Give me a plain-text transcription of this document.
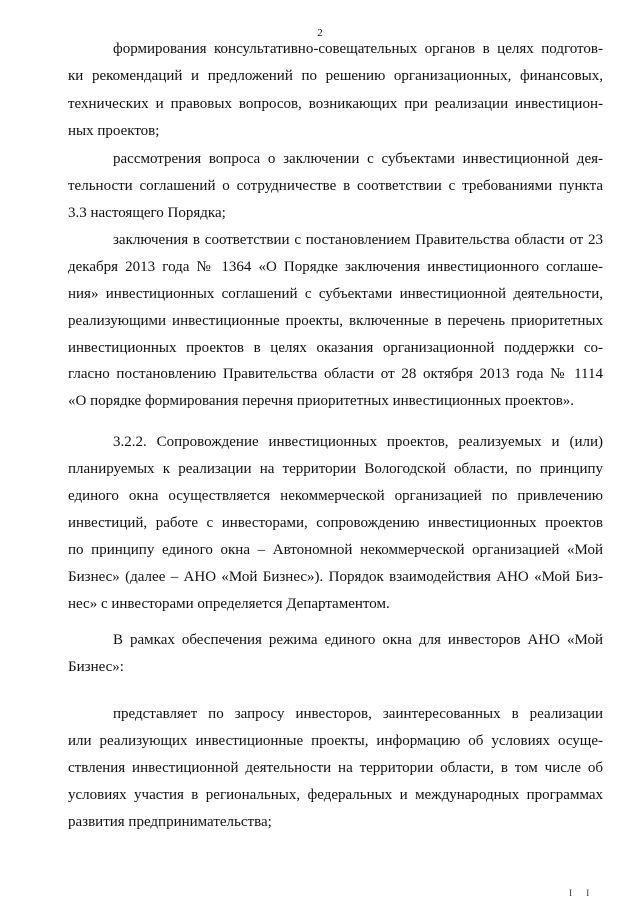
2
формирования консультативно-совещательных органов в целях подготов-
ки рекомендаций и предложений по решению организационных, финансовых,
технических и правовых вопросов, возникающих при реализации инвестицион-
ных проектов;
рассмотрения вопроса о заключении с субъектами инвестиционной дея-
тельности соглашений о сотрудничестве в соответствии с требованиями пункта
3.3 настоящего Порядка;
заключения в соответствии с постановлением Правительства области от 23
декабря 2013 года № 1364 «О Порядке заключения инвестиционного соглаше-
ния» инвестиционных соглашений с субъектами инвестиционной деятельности,
реализующими инвестиционные проекты, включенные в перечень приоритетных
инвестиционных проектов в целях оказания организационной поддержки со-
гласно постановлению Правительства области от 28 октября 2013 года № 1114
«О порядке формирования перечня приоритетных инвестиционных проектов».
3.2.2. Сопровождение инвестиционных проектов, реализуемых и (или)
планируемых к реализации на территории Вологодской области, по принципу
единого окна осуществляется некоммерческой организацией по привлечению
инвестиций, работе с инвесторами, сопровождению инвестиционных проектов
по принципу единого окна – Автономной некоммерческой организацией «Мой
Бизнес» (далее – АНО «Мой Бизнес»). Порядок взаимодействия АНО «Мой Биз-
нес» с инвесторами определяется Департаментом.
В рамках обеспечения режима единого окна для инвесторов АНО «Мой
Бизнес»:
представляет по запросу инвесторов, заинтересованных в реализации
или реализующих инвестиционные проекты, информацию об условиях осуще-
ствления инвестиционной деятельности на территории области, в том числе об
условиях участия в региональных, федеральных и международных программах
развития предпринимательства;
I I
